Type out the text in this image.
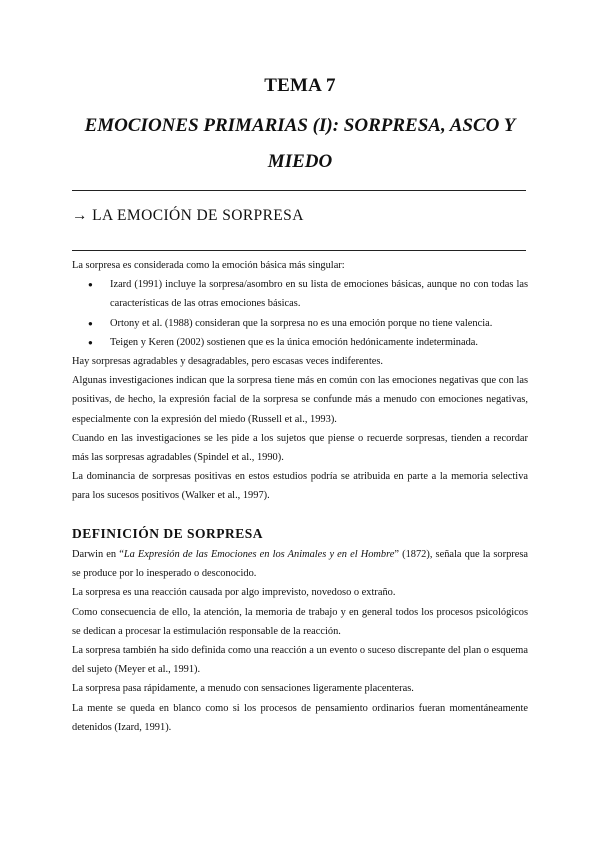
TEMA 7

EMOCIONES PRIMARIAS (I): SORPRESA, ASCO Y
MIEDO

→ LA EMOCIÓN DE SORPRESA

La sorpresa es considerada como la emoción básica más singular:

● Izard (1991) incluye la sorpresa/asombro en su lista de emociones básicas, aunque no con todas las características de las otras emociones básicas.
● Ortony et al. (1988) consideran que la sorpresa no es una emoción porque no tiene valencia.
● Teigen y Keren (2002) sostienen que es la única emoción hedónicamente indeterminada.

Hay sorpresas agradables y desagradables, pero escasas veces indiferentes.

Algunas investigaciones indican que la sorpresa tiene más en común con las emociones negativas que con las positivas, de hecho, la expresión facial de la sorpresa se confunde más a menudo con emociones negativas, especialmente con la expresión del miedo (Russell et al., 1993).

Cuando en las investigaciones se les pide a los sujetos que piense o recuerde sorpresas, tienden a recordar más las sorpresas agradables (Spindel et al., 1990).

La dominancia de sorpresas positivas en estos estudios podría se atribuida en parte a la memoria selectiva para los sucesos positivos (Walker et al., 1997).

DEFINICIÓN DE SORPRESA

Darwin en “La Expresión de las Emociones en los Animales y en el Hombre” (1872), señala que la sorpresa se produce por lo inesperado o desconocido.

La sorpresa es una reacción causada por algo imprevisto, novedoso o extraño.

Como consecuencia de ello, la atención, la memoria de trabajo y en general todos los procesos psicológicos se dedican a procesar la estimulación responsable de la reacción.

La sorpresa también ha sido definida como una reacción a un evento o suceso discrepante del plan o esquema del sujeto (Meyer et al., 1991).

La sorpresa pasa rápidamente, a menudo con sensaciones ligeramente placenteras.

La mente se queda en blanco como si los procesos de pensamiento ordinarios fueran momentáneamente detenidos (Izard, 1991).
